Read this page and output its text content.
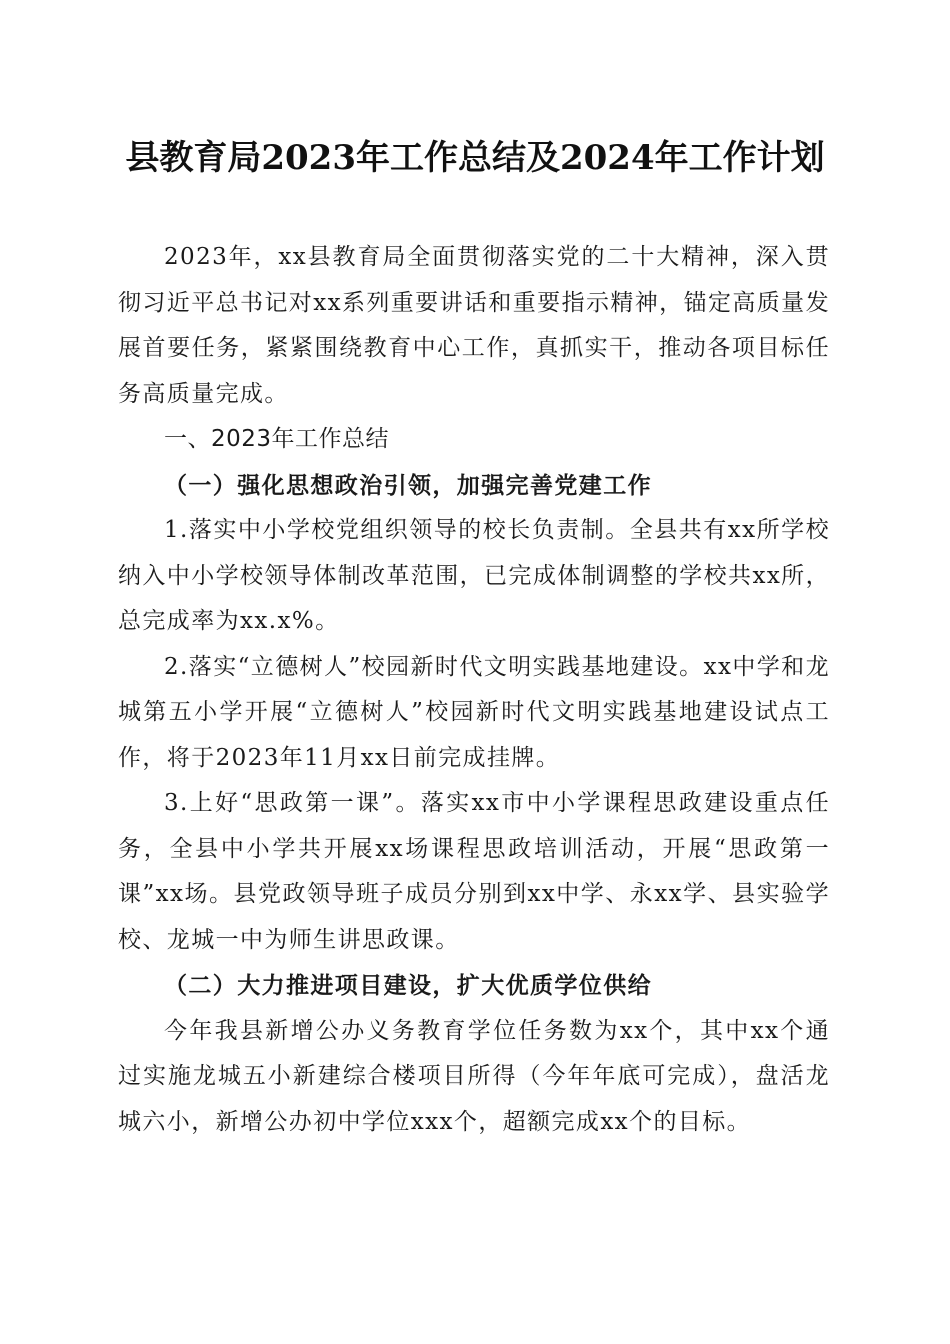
县教育局2023年工作总结及2024年工作计划

2023年，xx县教育局全面贯彻落实党的二十大精神，深入贯彻习近平总书记对xx系列重要讲话和重要指示精神，锚定高质量发展首要任务，紧紧围绕教育中心工作，真抓实干，推动各项目标任务高质量完成。

一、2023年工作总结

（一）强化思想政治引领，加强完善党建工作

1.落实中小学校党组织领导的校长负责制。全县共有xx所学校纳入中小学校领导体制改革范围，已完成体制调整的学校共xx所，总完成率为xx.x%。

2.落实“立德树人”校园新时代文明实践基地建设。xx中学和龙城第五小学开展“立德树人”校园新时代文明实践基地建设试点工作，将于2023年11月xx日前完成挂牌。

3.上好“思政第一课”。落实xx市中小学课程思政建设重点任务，全县中小学共开展xx场课程思政培训活动，开展“思政第一课”xx场。县党政领导班子成员分别到xx中学、永xx学、县实验学校、龙城一中为师生讲思政课。

（二）大力推进项目建设，扩大优质学位供给

今年我县新增公办义务教育学位任务数为xx个，其中xx个通过实施龙城五小新建综合楼项目所得（今年年底可完成），盘活龙城六小，新增公办初中学位xxx个，超额完成xx个的目标。
